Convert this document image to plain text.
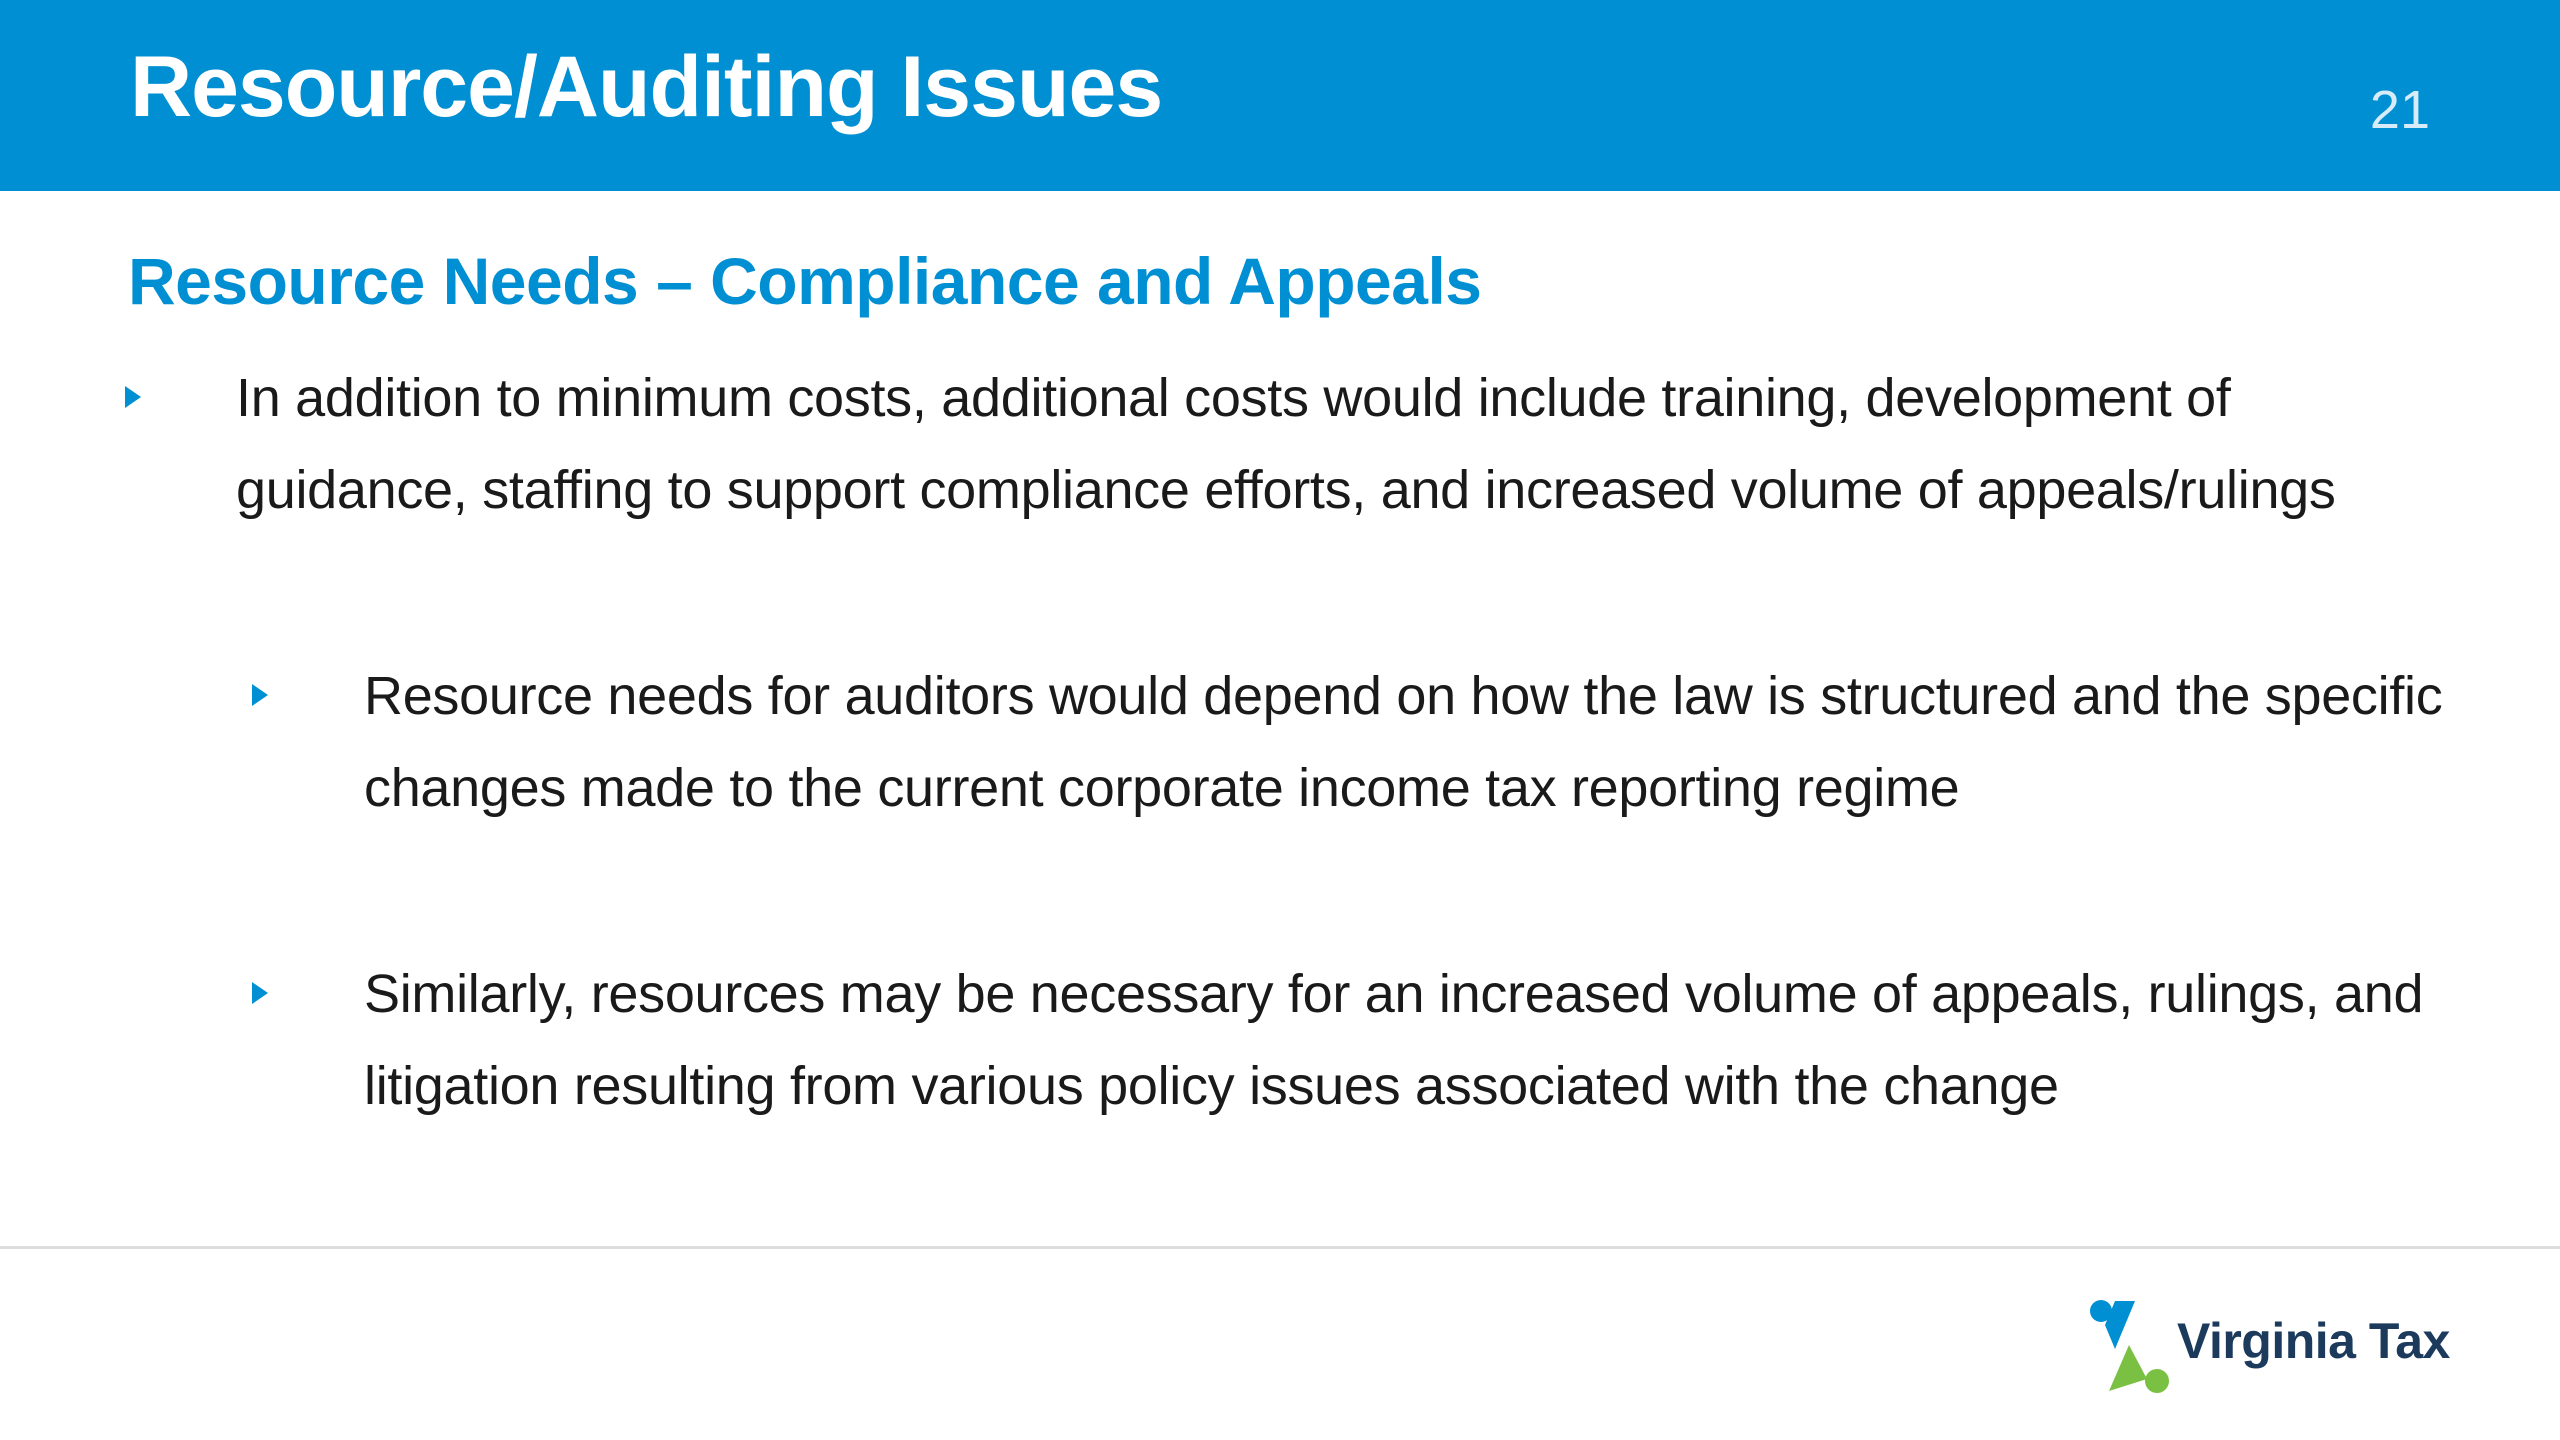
Resource/Auditing Issues	21
Resource Needs – Compliance and Appeals
In addition to minimum costs, additional costs would include training, development of guidance, staffing to support compliance efforts, and increased volume of appeals/rulings
Resource needs for auditors would depend on how the law is structured and the specific changes made to the current corporate income tax reporting regime
Similarly, resources may be necessary for an increased volume of appeals, rulings, and litigation resulting from various policy issues associated with the change
Virginia Tax
